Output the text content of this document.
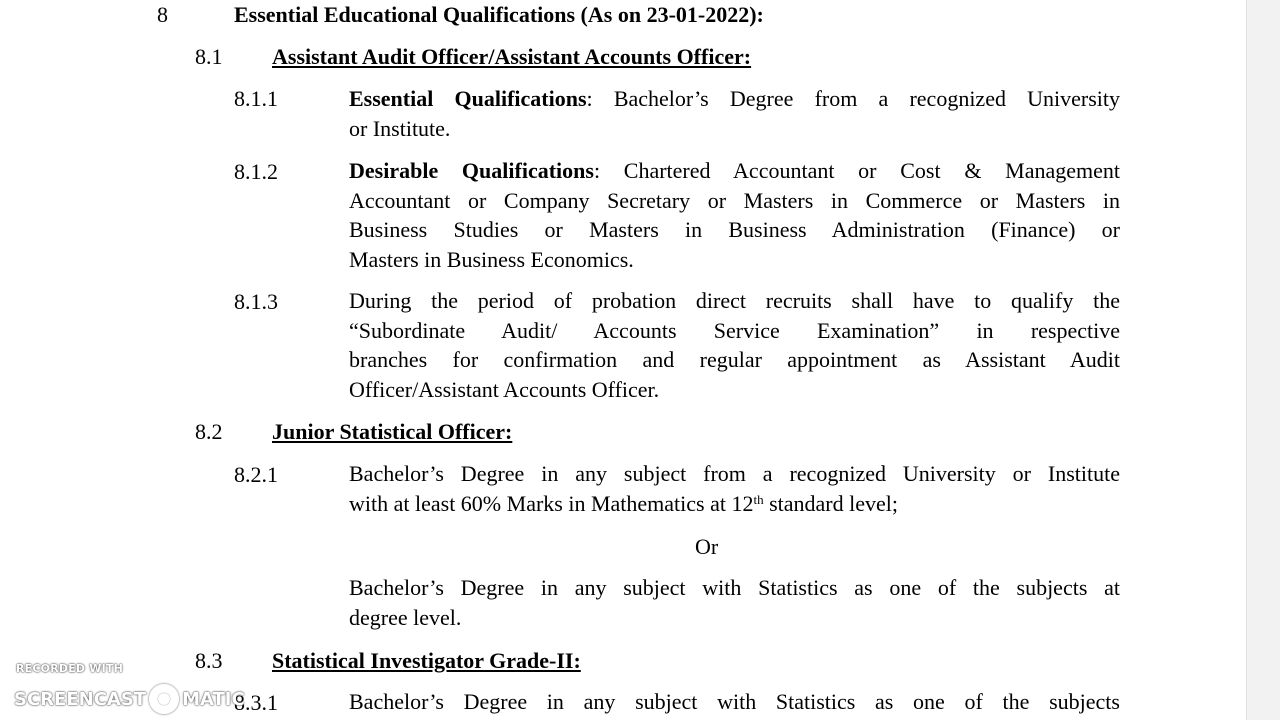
8	Essential Educational Qualifications (As on 23-01-2022):
8.1 Assistant Audit Officer/Assistant Accounts Officer:
8.1.1	Essential Qualifications: Bachelor’s Degree from a recognized University
or Institute.
8.1.2	Desirable Qualifications: Chartered Accountant or Cost & Management
Accountant or Company Secretary or Masters in Commerce or Masters in
Business Studies or Masters in Business Administration (Finance) or
Masters in Business Economics.
8.1.3	During the period of probation direct recruits shall have to qualify the
“Subordinate Audit/ Accounts Service Examination” in respective
branches for confirmation and regular appointment as Assistant Audit
Officer/Assistant Accounts Officer.
8.2 Junior Statistical Officer:
8.2.1	Bachelor’s Degree in any subject from a recognized University or Institute
with at least 60% Marks in Mathematics at 12th standard level;
Or
Bachelor’s Degree in any subject with Statistics as one of the subjects at
degree level.
8.3 Statistical Investigator Grade-II:
8.3.1	Bachelor’s Degree in any subject with Statistics as one of the subjects
RECORDED WITH
SCREENCAST MATIC
